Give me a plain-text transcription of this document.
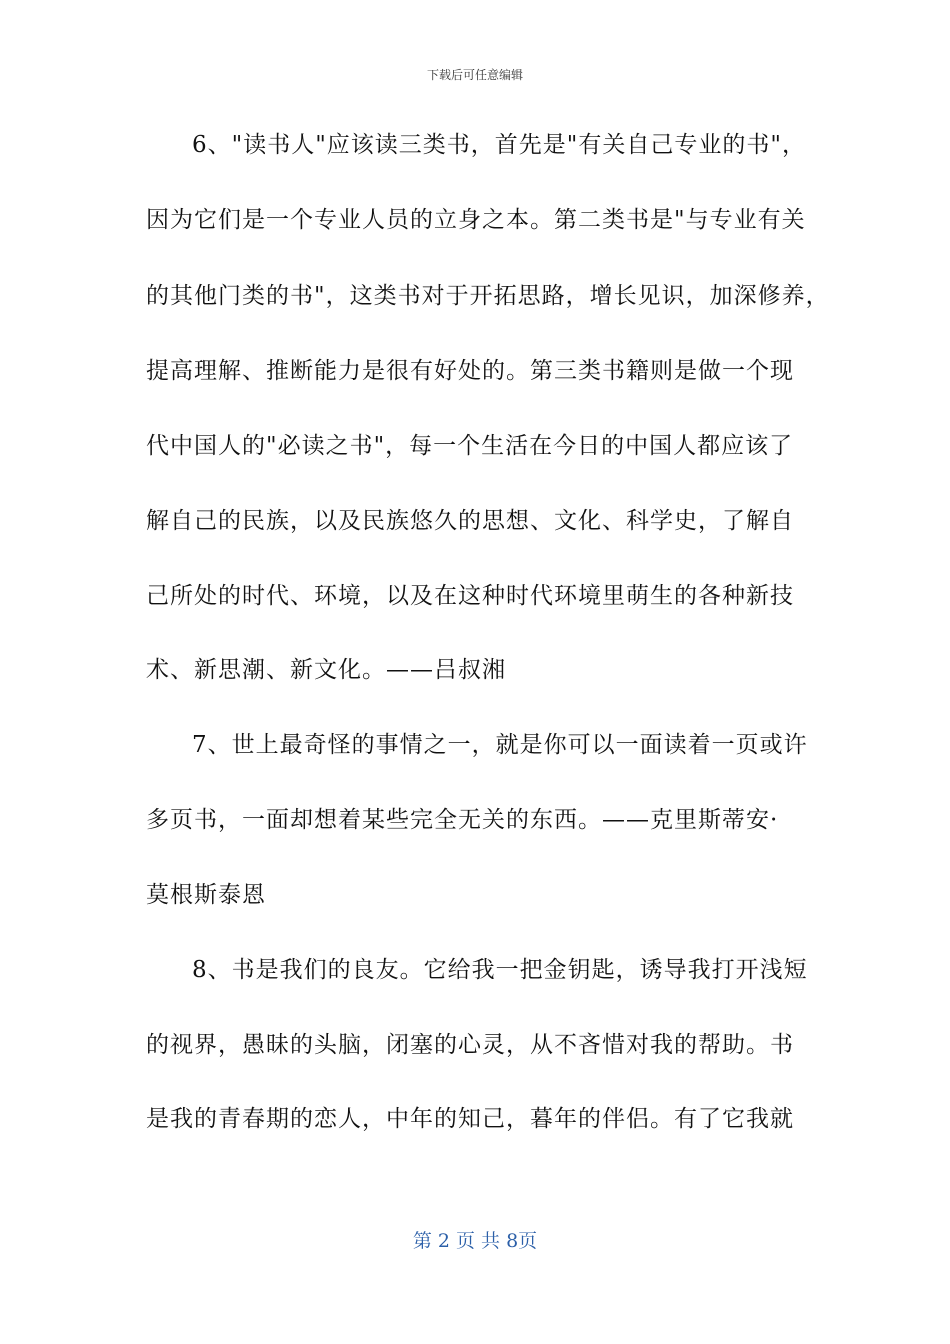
下载后可任意编辑
6、"读书人"应该读三类书，首先是"有关自己专业的书"，
因为它们是一个专业人员的立身之本。第二类书是"与专业有关
的其他门类的书"，这类书对于开拓思路，增长见识，加深修养，
提高理解、推断能力是很有好处的。第三类书籍则是做一个现
代中国人的"必读之书"，每一个生活在今日的中国人都应该了
解自己的民族，以及民族悠久的思想、文化、科学史，了解自
己所处的时代、环境，以及在这种时代环境里萌生的各种新技
术、新思潮、新文化。——吕叔湘
7、世上最奇怪的事情之一，就是你可以一面读着一页或许
多页书，一面却想着某些完全无关的东西。——克里斯蒂安·
莫根斯泰恩
8、书是我们的良友。它给我一把金钥匙，诱导我打开浅短
的视界，愚昧的头脑，闭塞的心灵，从不吝惜对我的帮助。书
是我的青春期的恋人，中年的知己，暮年的伴侣。有了它我就
第 2 页 共 8页
